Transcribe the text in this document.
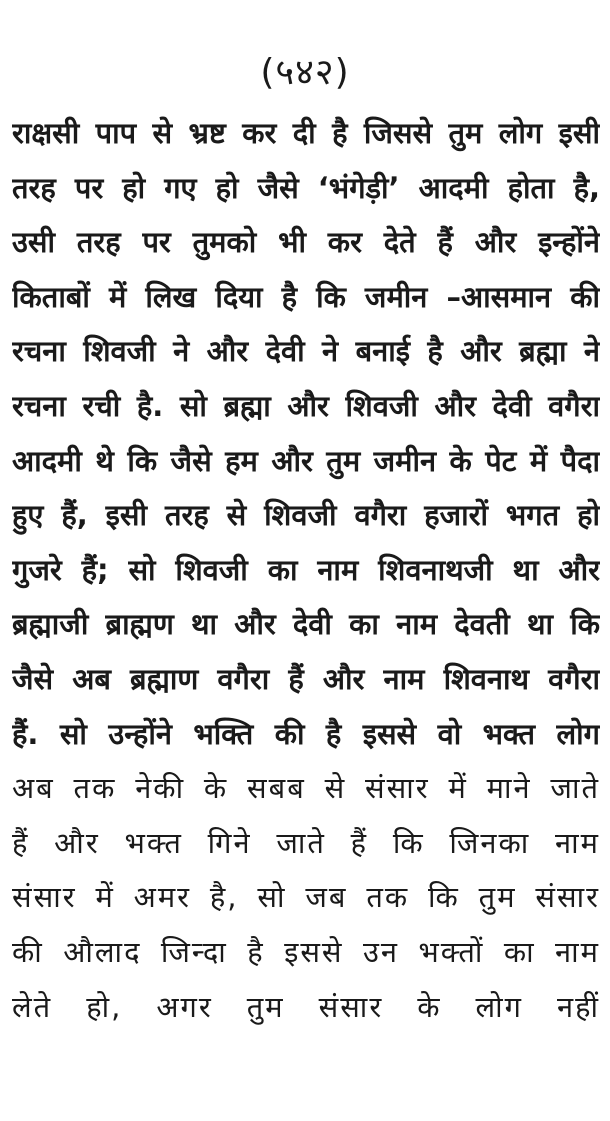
(५४२)
राक्षसी पाप से भ्रष्ट कर दी है जिससे तुम लोग इसी
तरह पर हो गए हो जैसे ‘भंगेड़ी’ आदमी होता है,
उसी तरह पर तुमको भी कर देते हैं और इन्होंने
किताबों में लिख दिया है कि जमीन –आसमान की
रचना शिवजी ने और देवी ने बनाई है और ब्रह्मा ने
रचना रची है. सो ब्रह्मा और शिवजी और देवी वगैरा
आदमी थे कि जैसे हम और तुम जमीन के पेट में पैदा
हुए हैं, इसी तरह से शिवजी वगैरा हजारों भगत हो
गुजरे हैं; सो शिवजी का नाम शिवनाथजी था और
ब्रह्माजी ब्राह्मण था और देवी का नाम देवती था कि
जैसे अब ब्रह्माण वगैरा हैं और नाम शिवनाथ वगैरा
हैं. सो उन्होंने भक्ति की है इससे वो भक्त लोग
अब तक नेकी के सबब से संसार में माने जाते
हैं और भक्त गिने जाते हैं कि जिनका नाम
संसार में अमर है, सो जब तक कि तुम संसार
की औलाद जिन्दा है इससे उन भक्तों का नाम
लेते हो, अगर तुम संसार के लोग नहीं
